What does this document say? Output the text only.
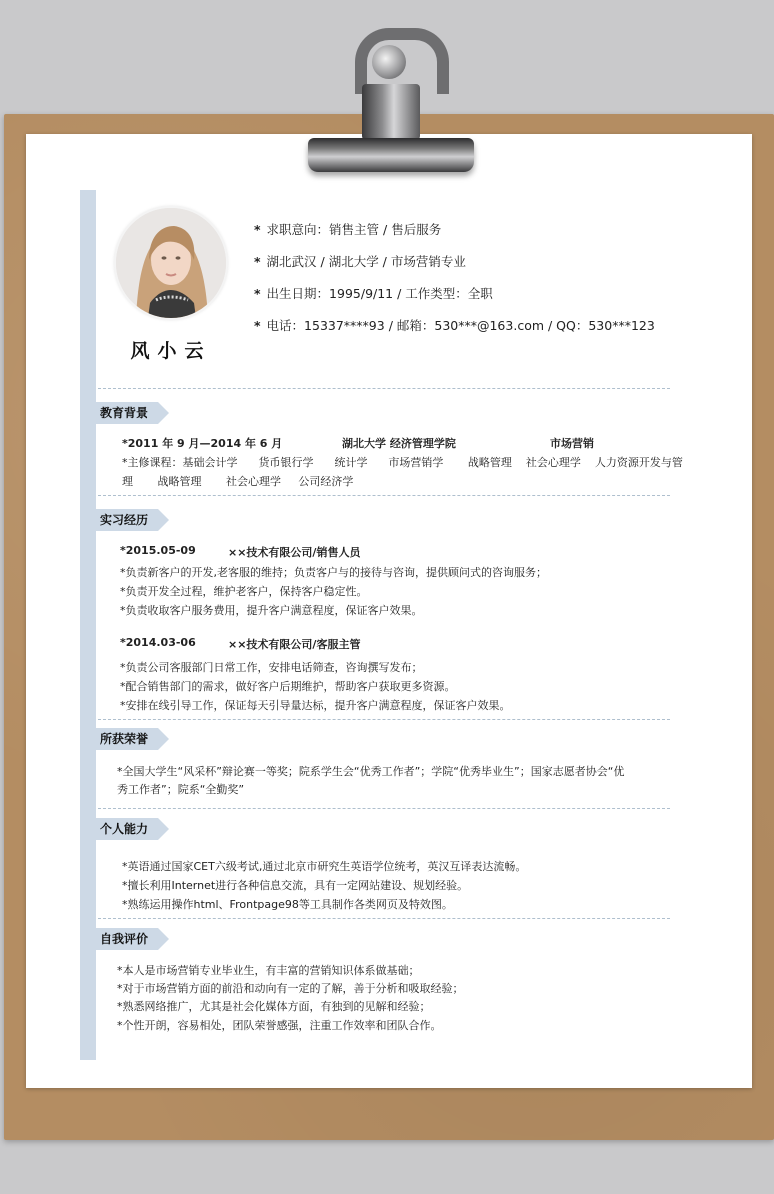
风小云
* 求职意向：销售主管 / 售后服务
* 湖北武汉 / 湖北大学 / 市场营销专业
* 出生日期：1995/9/11 / 工作类型：全职
* 电话：15337****93 / 邮箱：530***@163.com / QQ：530***123
教育背景
*2011 年 9 月—2014 年 6 月	湖北大学 经济管理学院	市场营销
*主修课程：基础会计学      货币银行学      统计学      市场营销学       战略管理    社会心理学    人力资源开发与管
理       战略管理       社会心理学     公司经济学
实习经历
*2015.05-09	××技术有限公司/销售人员
*负责新客户的开发,老客服的维持；负责客户与的接待与咨询，提供顾问式的咨询服务；
*负责开发全过程，维护老客户，保持客户稳定性。
*负责收取客户服务费用，提升客户满意程度，保证客户效果。
*2014.03-06	××技术有限公司/客服主管
*负责公司客服部门日常工作，安排电话筛查，咨询撰写发布；
*配合销售部门的需求，做好客户后期维护，帮助客户获取更多资源。
*安排在线引导工作，保证每天引导量达标，提升客户满意程度，保证客户效果。
所获荣誉
*全国大学生“风采杯”辩论赛一等奖；院系学生会“优秀工作者”；学院“优秀毕业生”；国家志愿者协会“优
秀工作者”；院系“全勤奖”
个人能力
*英语通过国家CET六级考试,通过北京市研究生英语学位统考，英汉互译表达流畅。
*擅长利用Internet进行各种信息交流，具有一定网站建设、规划经验。
*熟练运用操作html、Frontpage98等工具制作各类网页及特效图。
自我评价
*本人是市场营销专业毕业生，有丰富的营销知识体系做基础；
*对于市场营销方面的前沿和动向有一定的了解，善于分析和吸取经验；
*熟悉网络推广，尤其是社会化媒体方面，有独到的见解和经验；
*个性开朗，容易相处，团队荣誉感强，注重工作效率和团队合作。
